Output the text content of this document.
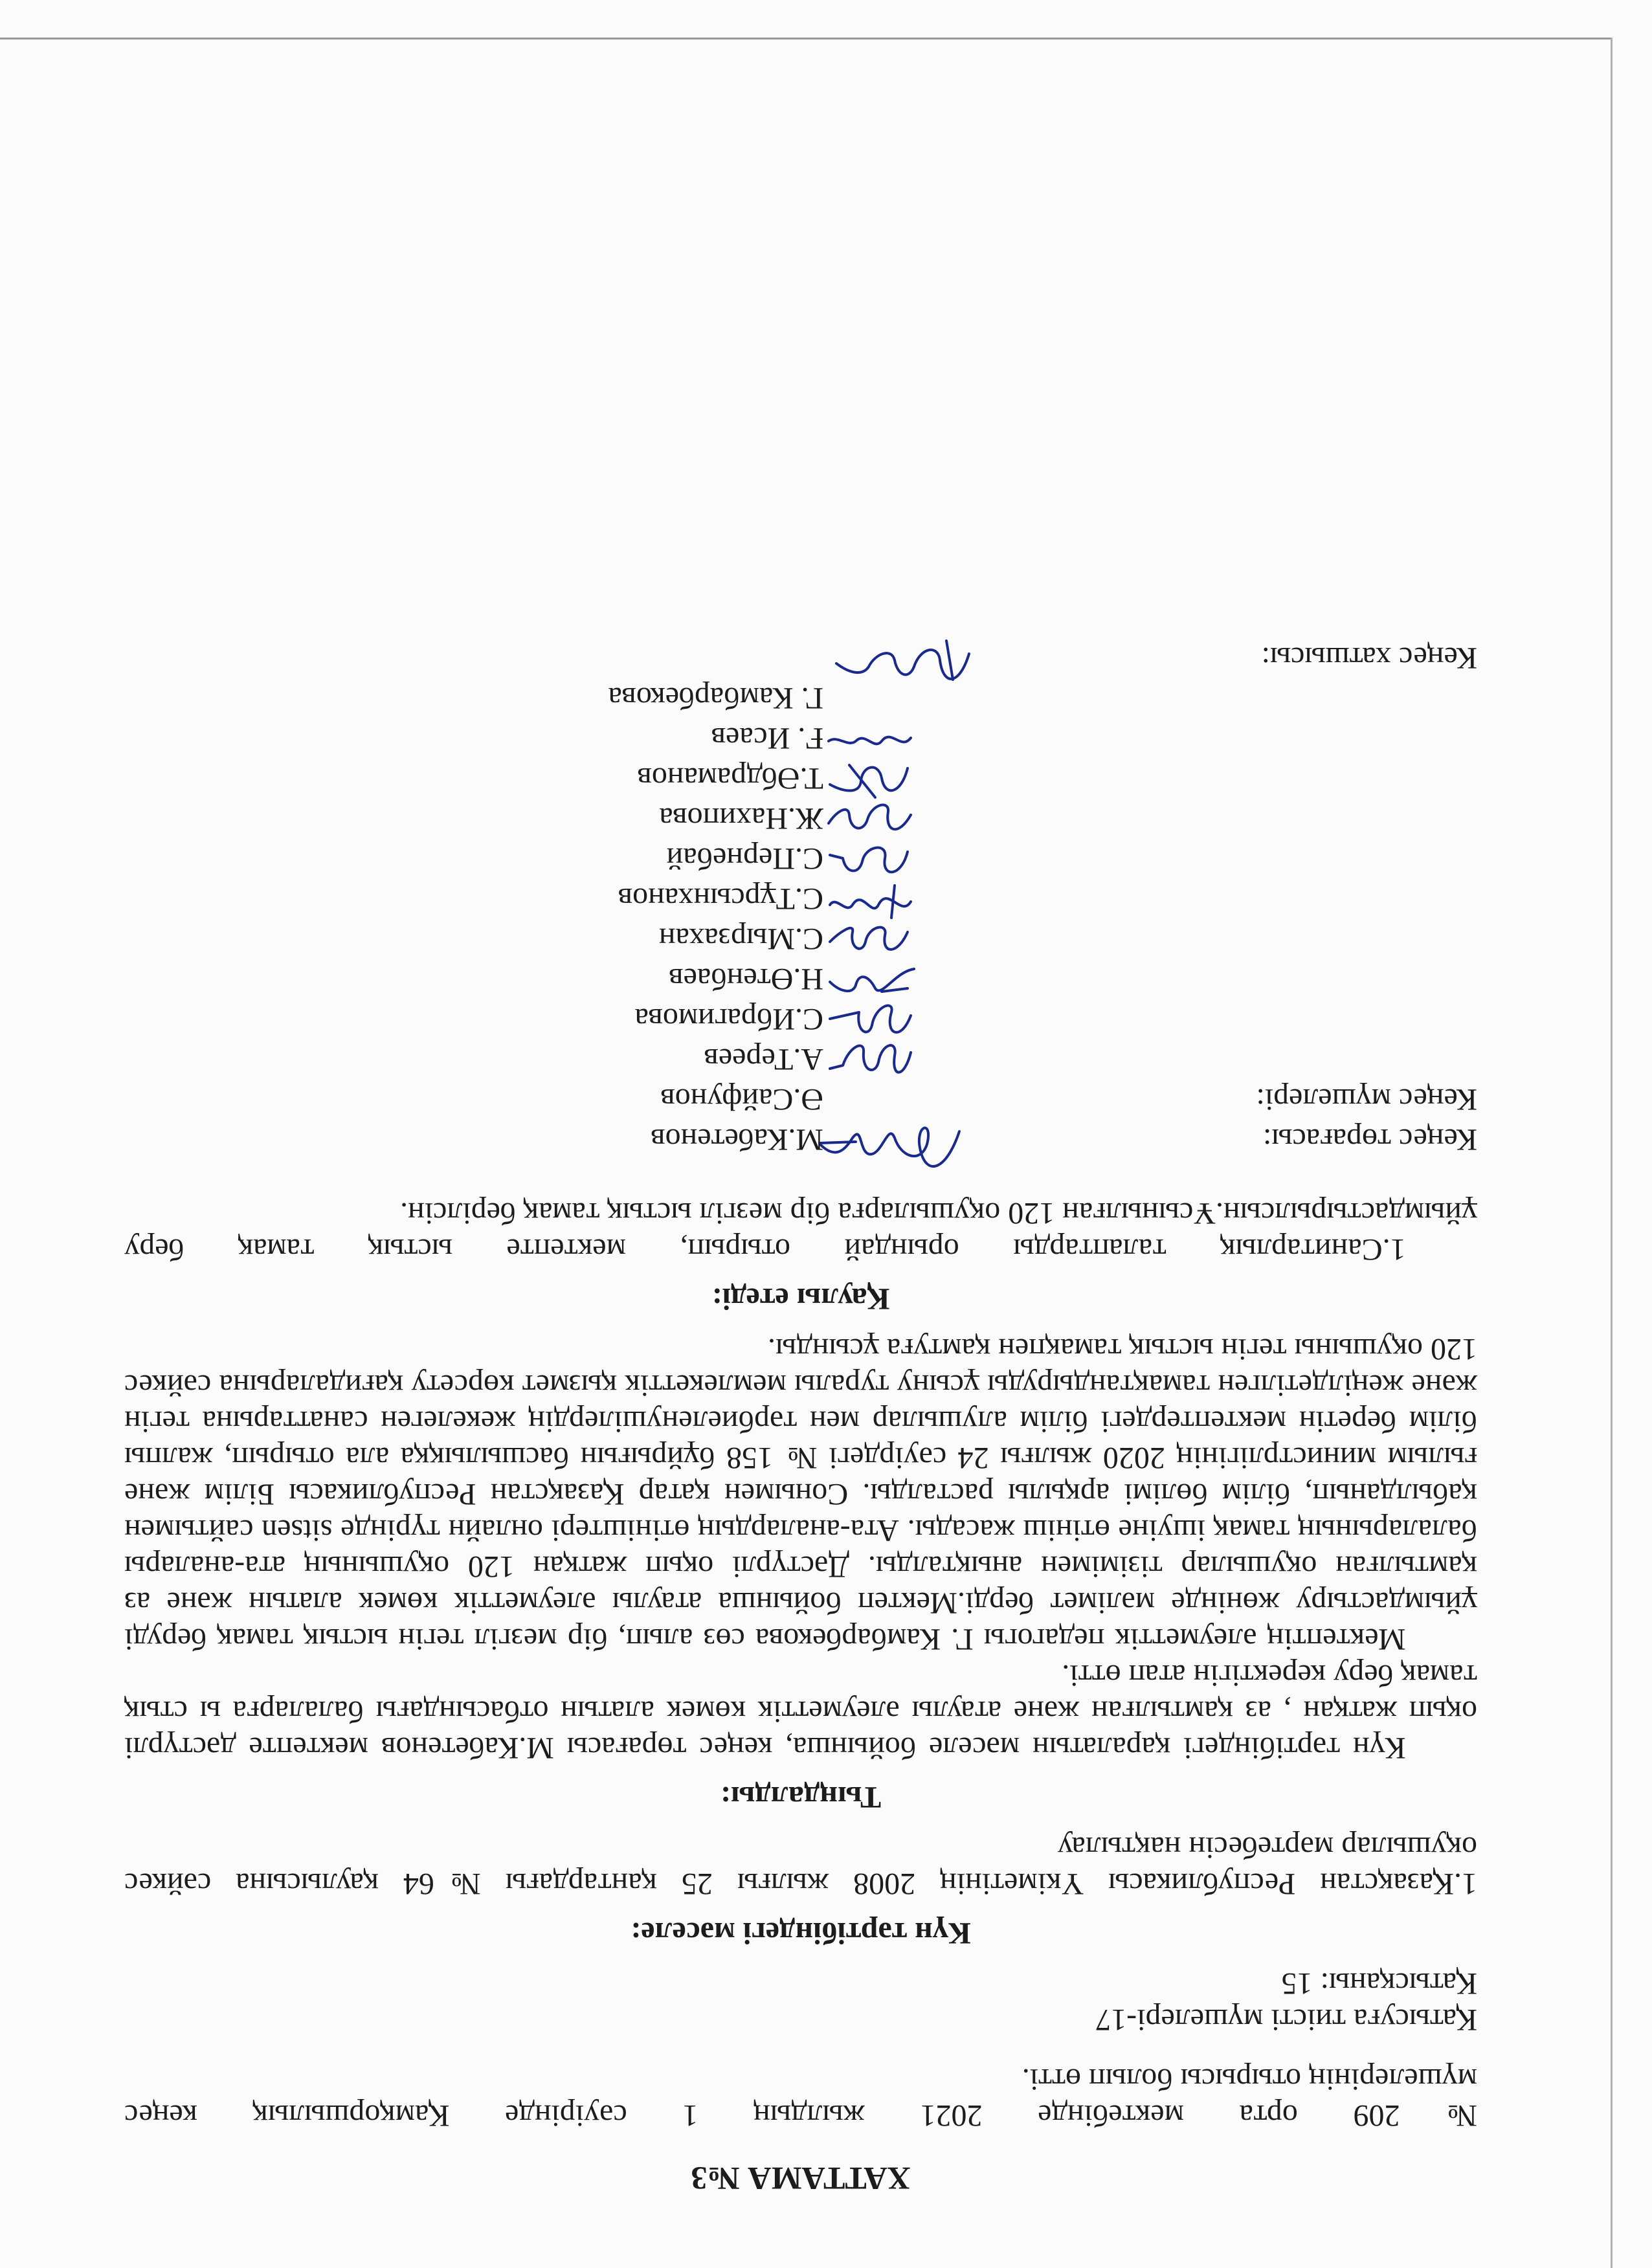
ХАТТАМА №3

№209 орта мектебінде 2021 жылдың 1 сәуірінде Қамқоршылық кеңес

мүшелерінің отырысы болып өтті.

Қатысуға тиісті мүшелері-17

Қатысқаны: 15

Күн тәртібіндегі мәселе:

1.Қазақстан Республикасы Үкіметінің 2008 жылғы 25 қантардағы №64 қаулысына сәйкес

оқушылар мәртебесін нақтылау

Тыңдалды:

Күн тәртібіндегі қаралатын мәселе бойынша, кеңес төрағасы М.Кабетенов мектепте дәстүрлі оқып жатқан , аз қамтылған және атаулы әлеуметтік көмек алатын отбасындағы балаларға ы стық тамақ беру керектігін атап өтті.

Мектептің әлеуметтік педагогы Г. Камбарбекова сөз алып, бір мезгіл тегін ыстық тамақ беруді ұйымдастыру жөнінде мәлімет берді.Мектеп бойынша атаулы әлеуметтік көмек алатын және аз қамтылған оқушылар тізімімен анықталды. Дәстүрлі оқып жатқан 120 оқушының ата-аналары балаларының тамақ ішуіне өтініш жасады. Ата-аналардың өтініштері онлайн түрінде sitsen сайтымен қабылданып, білім бөлімі арқылы расталды. Сонымен қатар Қазақстан Республикасы Білім және ғылым министрлігінің 2020 жылғы 24 сәуірдегі № 158 бұйрығын басшылыққа ала отырып, жалпы білім беретін мектептердегі білім алушылар мен тәрбиеленушілердің жекелеген санаттарына тегін және жеңілдетілген тамақтандыруды ұсыну туралы мемлекеттік қызмет көрсету қағидаларына сәйкес 120 оқушыны тегін ыстық тамақпен қамтуға ұсынды.

Қаулы етеді:

1.Санитарлық талаптарды орындай отырып, мектепте ыстық тамақ беру

ұйымдастырылсын.Ұсынылған 120 оқушыларға бір мезгіл ыстық тамақ берілсін.

Кеңес төрағасы:
М.Кабетенов
Кеңес мүшелері:
Ә.Сайфунов
А.Тереев
С.Ибрагимова
Н.Өтенбаев
С.Мырзахан
С.Тұрсынханов
С.Пернебай
Ж.Нахипова
Т.Әбдраманов
Ғ. Исаев
Г. Камбарбекова
Кеңес хатшысы:
